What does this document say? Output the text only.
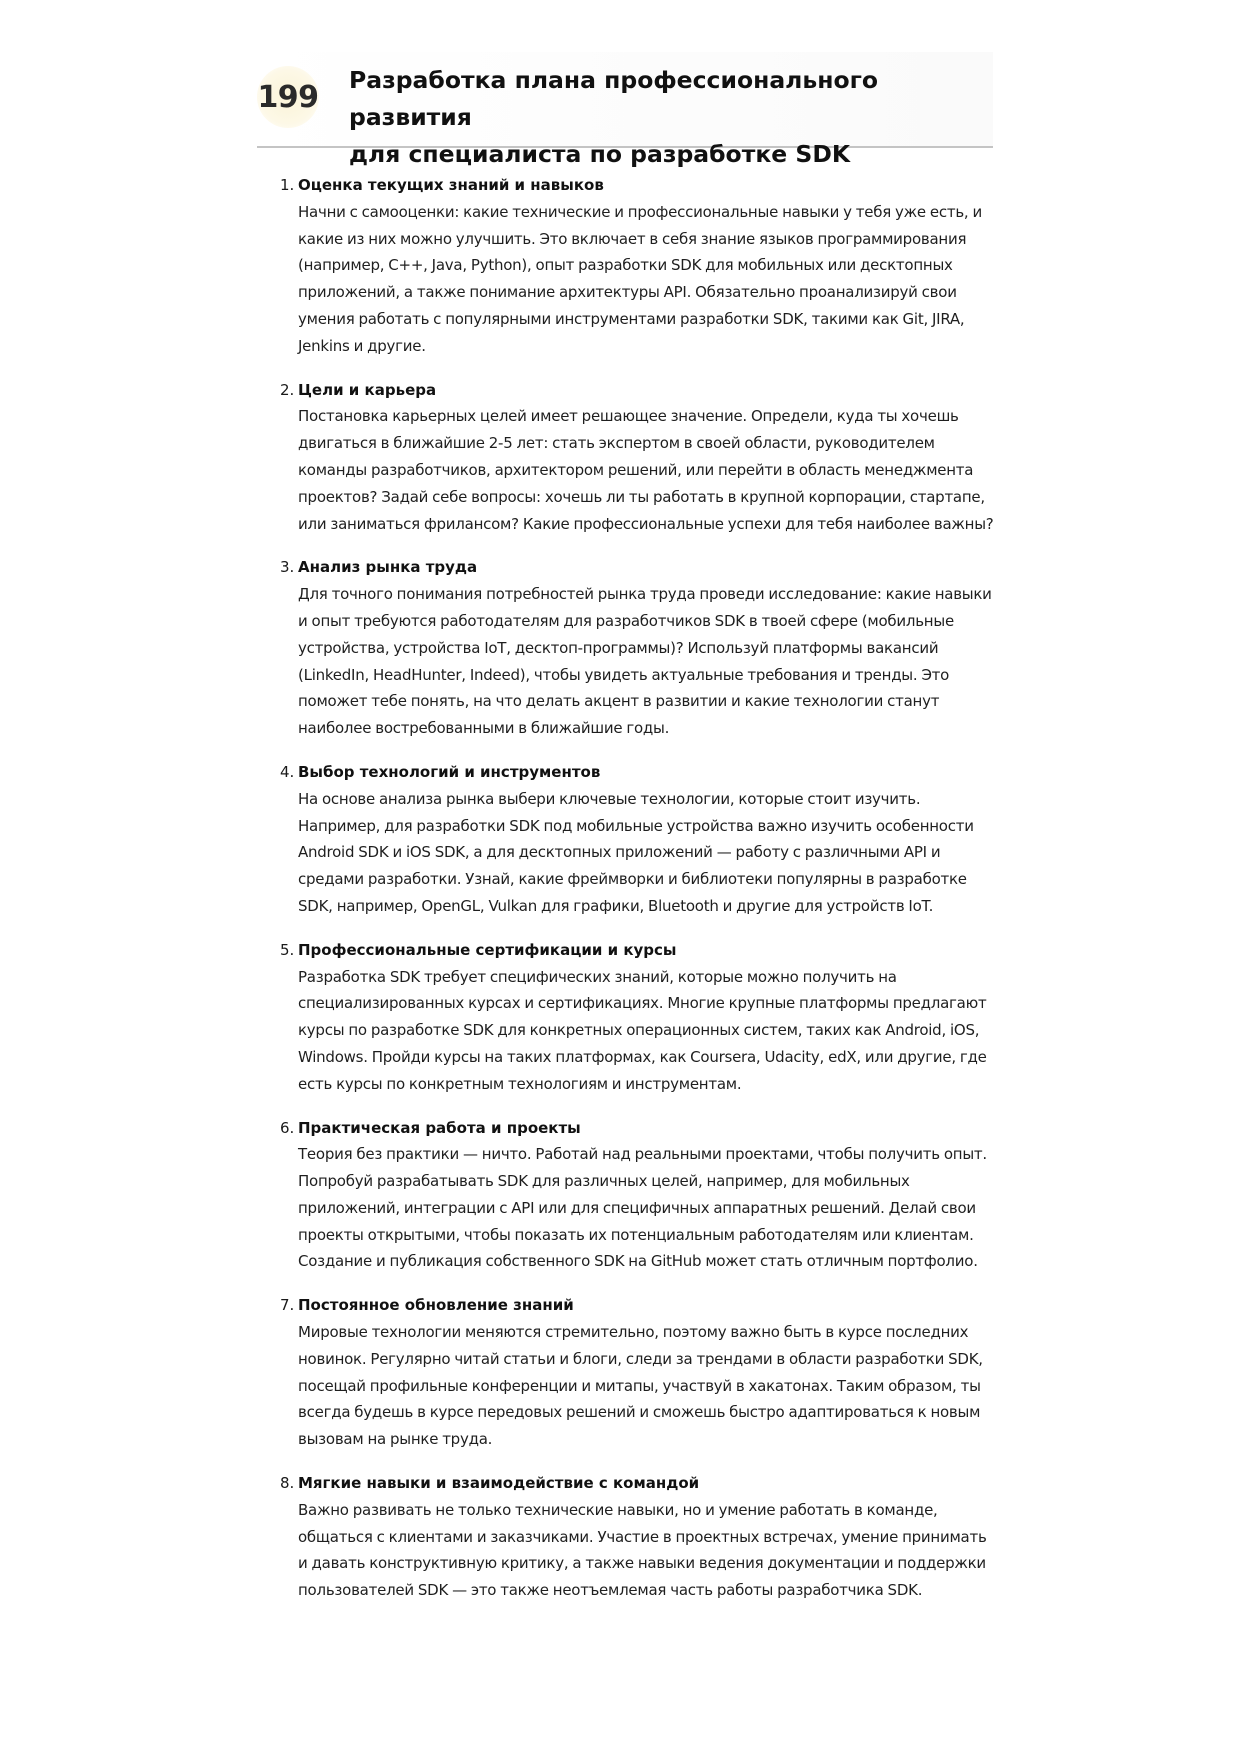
199 Разработка плана профессионального развития
для специалиста по разработке SDK
1. Оценка текущих знаний и навыков
Начни с самооценки: какие технические и профессиональные навыки у тебя уже есть, и какие из них можно улучшить. Это включает в себя знание языков программирования (например, C++, Java, Python), опыт разработки SDK для мобильных или десктопных приложений, а также понимание архитектуры API. Обязательно проанализируй свои умения работать с популярными инструментами разработки SDK, такими как Git, JIRA, Jenkins и другие.
2. Цели и карьера
Постановка карьерных целей имеет решающее значение. Определи, куда ты хочешь двигаться в ближайшие 2-5 лет: стать экспертом в своей области, руководителем команды разработчиков, архитектором решений, или перейти в область менеджмента проектов? Задай себе вопросы: хочешь ли ты работать в крупной корпорации, стартапе, или заниматься фрилансом? Какие профессиональные успехи для тебя наиболее важны?
3. Анализ рынка труда
Для точного понимания потребностей рынка труда проведи исследование: какие навыки и опыт требуются работодателям для разработчиков SDK в твоей сфере (мобильные устройства, устройства IoT, десктоп-программы)? Используй платформы вакансий (LinkedIn, HeadHunter, Indeed), чтобы увидеть актуальные требования и тренды. Это поможет тебе понять, на что делать акцент в развитии и какие технологии станут наиболее востребованными в ближайшие годы.
4. Выбор технологий и инструментов
На основе анализа рынка выбери ключевые технологии, которые стоит изучить. Например, для разработки SDK под мобильные устройства важно изучить особенности Android SDK и iOS SDK, а для десктопных приложений — работу с различными API и средами разработки. Узнай, какие фреймворки и библиотеки популярны в разработке SDK, например, OpenGL, Vulkan для графики, Bluetooth и другие для устройств IoT.
5. Профессиональные сертификации и курсы
Разработка SDK требует специфических знаний, которые можно получить на специализированных курсах и сертификациях. Многие крупные платформы предлагают курсы по разработке SDK для конкретных операционных систем, таких как Android, iOS, Windows. Пройди курсы на таких платформах, как Coursera, Udacity, edX, или другие, где есть курсы по конкретным технологиям и инструментам.
6. Практическая работа и проекты
Теория без практики — ничто. Работай над реальными проектами, чтобы получить опыт. Попробуй разрабатывать SDK для различных целей, например, для мобильных приложений, интеграции с API или для специфичных аппаратных решений. Делай свои проекты открытыми, чтобы показать их потенциальным работодателям или клиентам. Создание и публикация собственного SDK на GitHub может стать отличным портфолио.
7. Постоянное обновление знаний
Мировые технологии меняются стремительно, поэтому важно быть в курсе последних новинок. Регулярно читай статьи и блоги, следи за трендами в области разработки SDK, посещай профильные конференции и митапы, участвуй в хакатонах. Таким образом, ты всегда будешь в курсе передовых решений и сможешь быстро адаптироваться к новым вызовам на рынке труда.
8. Мягкие навыки и взаимодействие с командой
Важно развивать не только технические навыки, но и умение работать в команде, общаться с клиентами и заказчиками. Участие в проектных встречах, умение принимать и давать конструктивную критику, а также навыки ведения документации и поддержки пользователей SDK — это также неотъемлемая часть работы разработчика SDK.
